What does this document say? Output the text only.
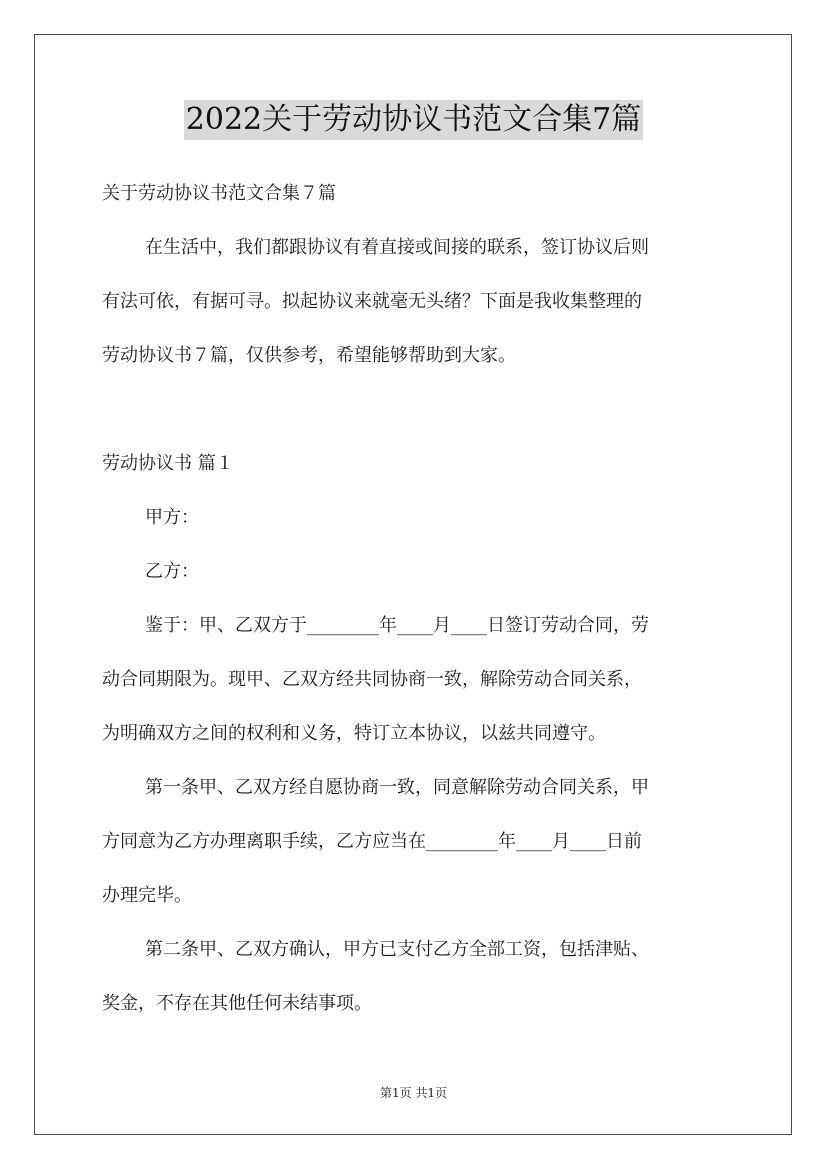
2022关于劳动协议书范文合集7篇
关于劳动协议书范文合集７篇
在生活中，我们都跟协议有着直接或间接的联系，签订协议后则
有法可依，有据可寻。拟起协议来就毫无头绪？下面是我收集整理的
劳动协议书７篇，仅供参考，希望能够帮助到大家。
劳动协议书 篇１
甲方：
乙方：
鉴于：甲、乙双方于________年____月____日签订劳动合同，劳
动合同期限为。现甲、乙双方经共同协商一致，解除劳动合同关系，
为明确双方之间的权利和义务，特订立本协议，以兹共同遵守。
第一条甲、乙双方经自愿协商一致，同意解除劳动合同关系，甲
方同意为乙方办理离职手续，乙方应当在________年____月____日前
办理完毕。
第二条甲、乙双方确认，甲方已支付乙方全部工资，包括津贴、
奖金，不存在其他任何未结事项。
第1页 共1页
